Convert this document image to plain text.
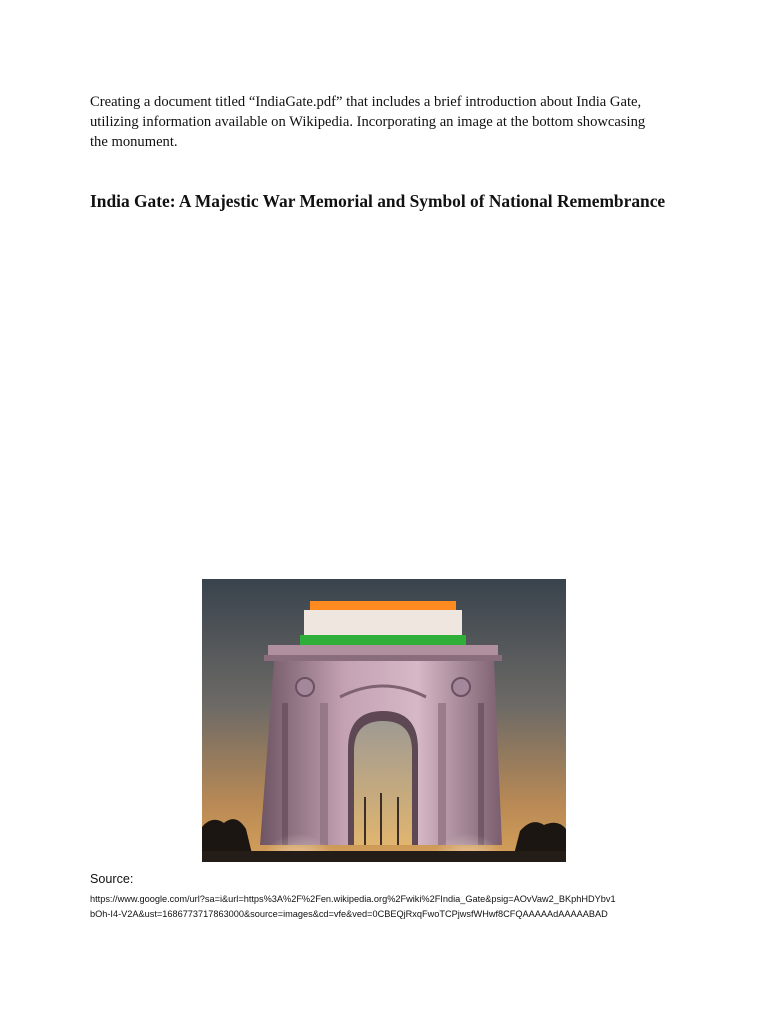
Creating a document titled “IndiaGate.pdf” that includes a brief introduction about India Gate,
utilizing information available on Wikipedia. Incorporating an image at the bottom showcasing
the monument.

India Gate: A Majestic War Memorial and Symbol of National Remembrance
Source:
https://www.google.com/url?sa=i&url=https%3A%2F%2Fen.wikipedia.org%2Fwiki%2FIndia_Gate&psig=AOvVaw2_BKphHDYbv1
bOh-I4-V2A&ust=1686773717863000&source=images&cd=vfe&ved=0CBEQjRxqFwoTCPjwsfWHwf8CFQAAAAAdAAAAABAD
